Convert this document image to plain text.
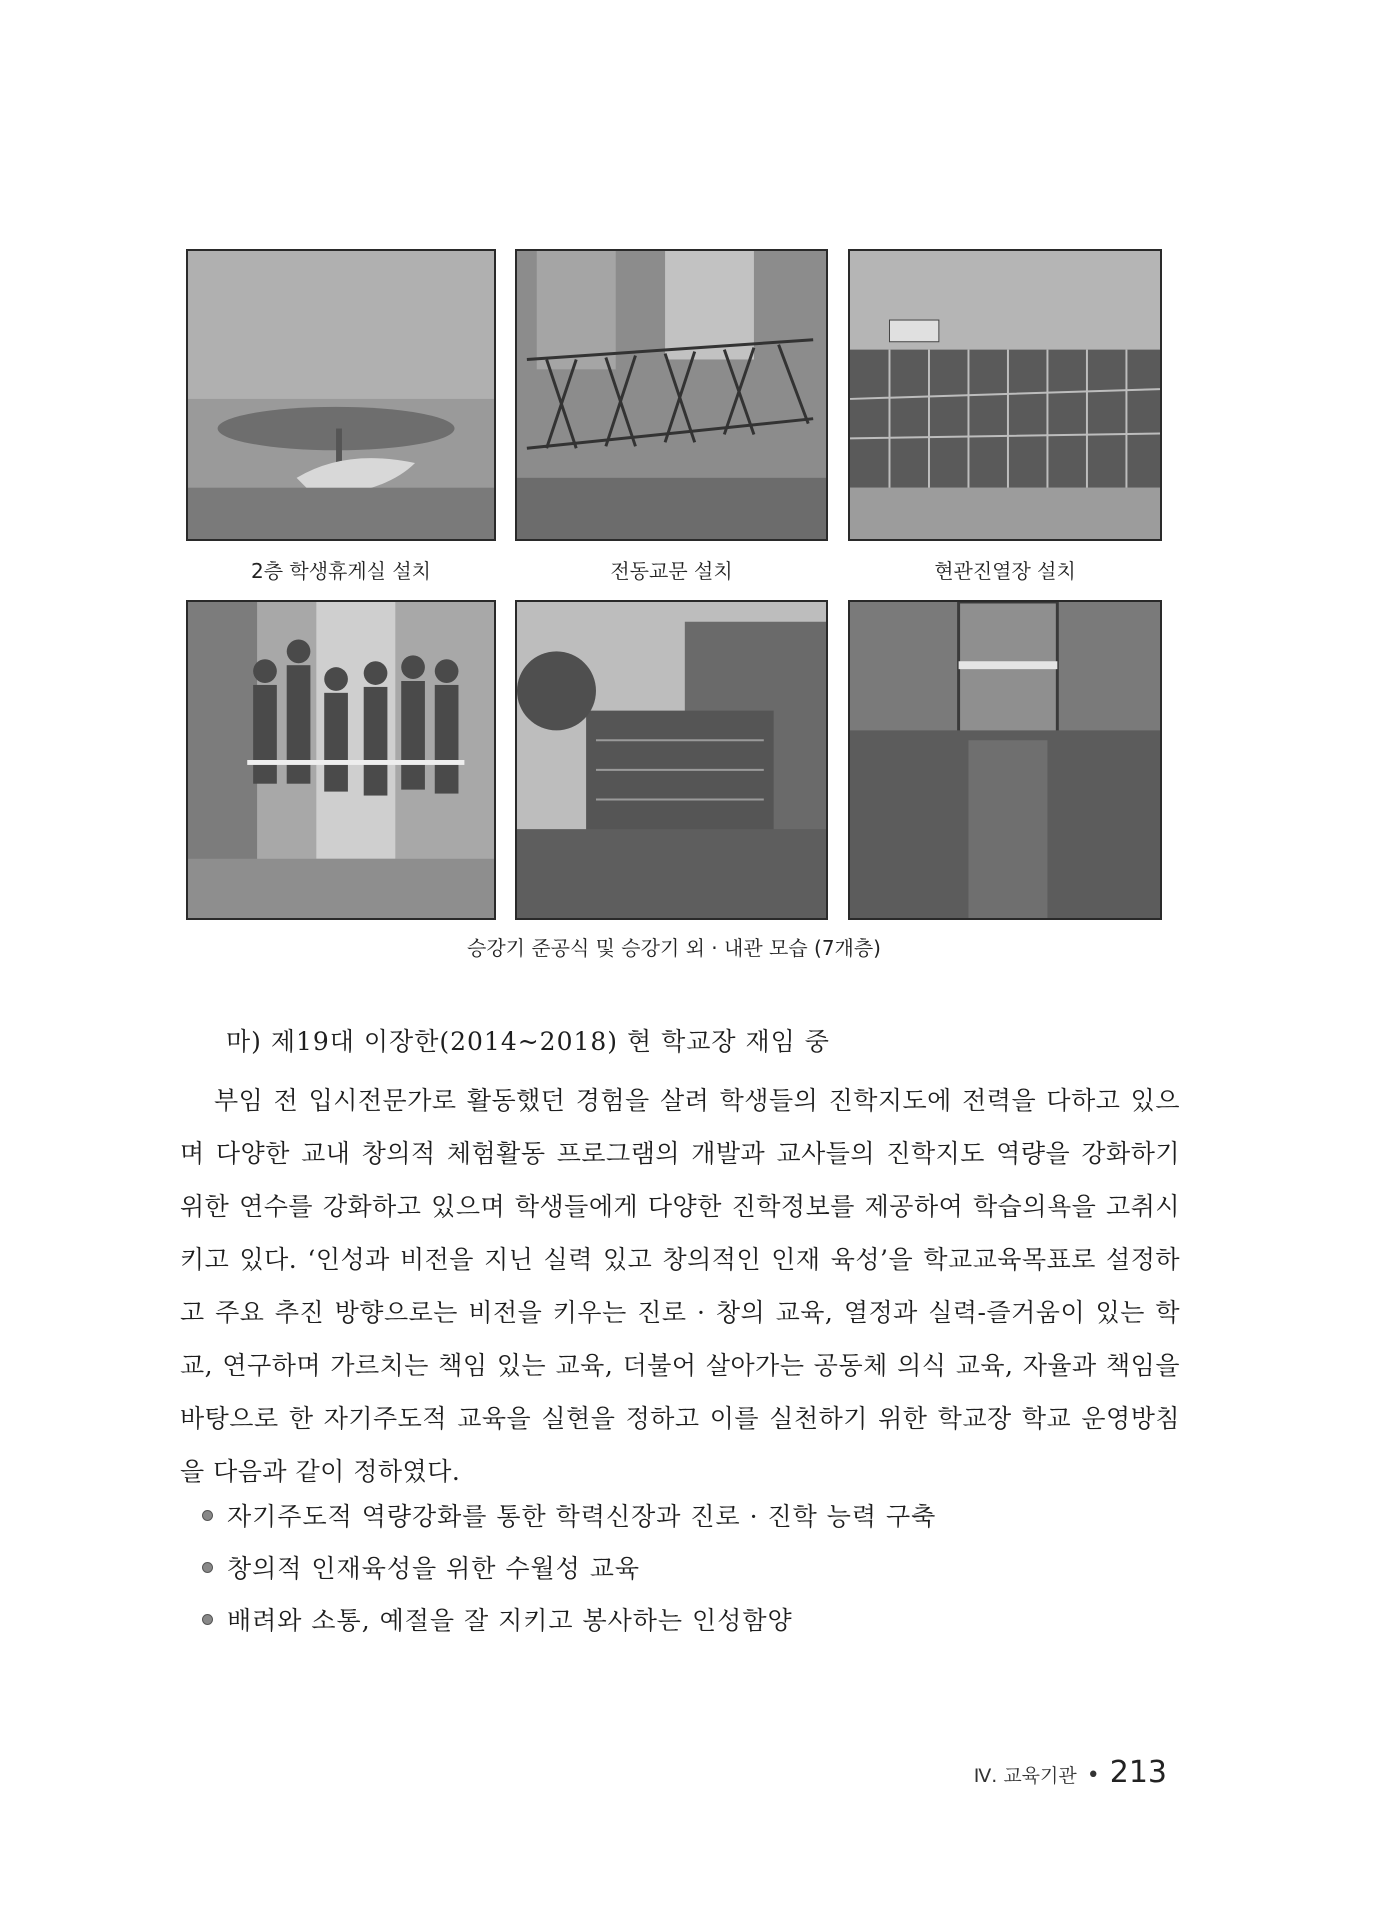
2층 학생휴게실 설치	전동교문 설치	현관진열장 설치
승강기 준공식 및 승강기 외 · 내관 모습 (7개층)
마) 제19대 이장한(2014~2018) 현 학교장 재임 중
부임 전 입시전문가로 활동했던 경험을 살려 학생들의 진학지도에 전력을 다하고 있으며 다양한 교내 창의적 체험활동 프로그램의 개발과 교사들의 진학지도 역량을 강화하기 위한 연수를 강화하고 있으며 학생들에게 다양한 진학정보를 제공하여 학습의욕을 고취시키고 있다. ‘인성과 비전을 지닌 실력 있고 창의적인 인재 육성’을 학교교육목표로 설정하고 주요 추진 방향으로는 비전을 키우는 진로 · 창의 교육, 열정과 실력-즐거움이 있는 학교, 연구하며 가르치는 책임 있는 교육, 더불어 살아가는 공동체 의식 교육, 자율과 책임을 바탕으로 한 자기주도적 교육을 실현을 정하고 이를 실천하기 위한 학교장 학교 운영방침을 다음과 같이 정하였다.
자기주도적 역량강화를 통한 학력신장과 진로 · 진학 능력 구축
창의적 인재육성을 위한 수월성 교육
배려와 소통, 예절을 잘 지키고 봉사하는 인성함양
Ⅳ. 교육기관 • 213
